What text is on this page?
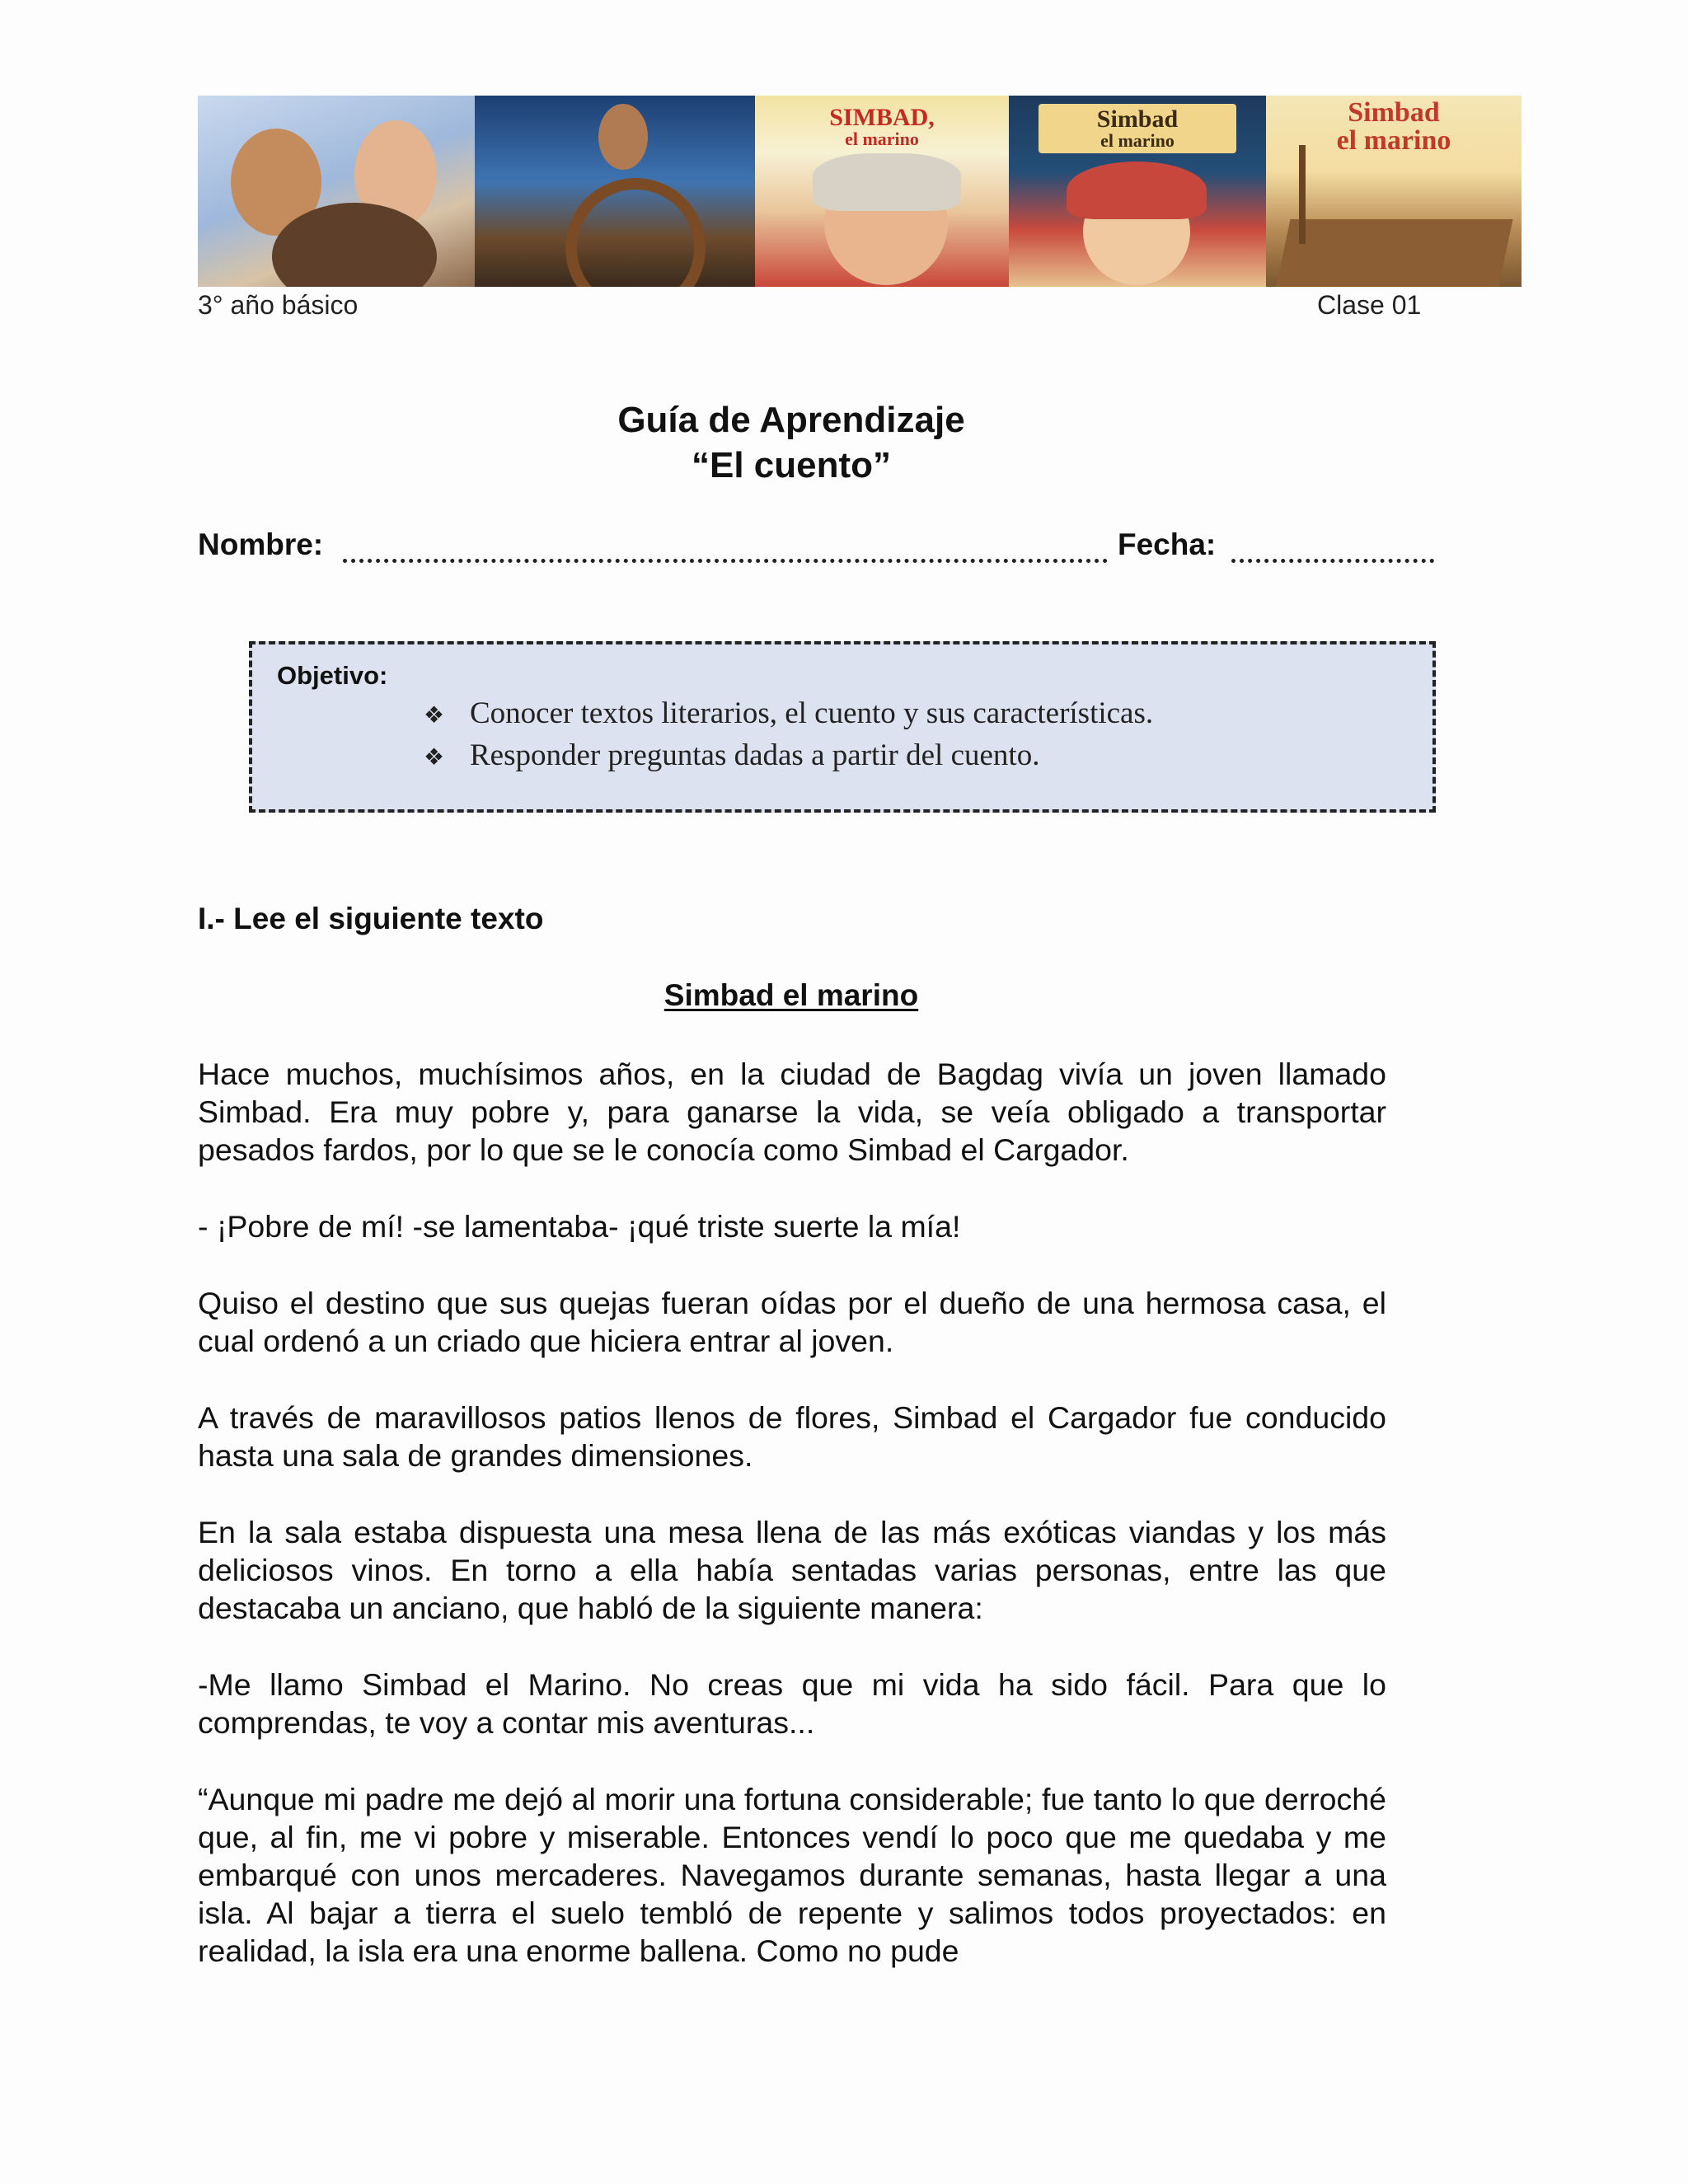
SIMBAD,
el marino
Simbad
el marino
Simbad
el marino
3° año básico	Clase 01
Guía de Aprendizaje
“El cuento”
Nombre:	Fecha:
Objetivo:
❖ Conocer textos literarios, el cuento y sus características.
❖ Responder preguntas dadas a partir del cuento.
I.- Lee el siguiente texto
Simbad el marino

Hace muchos, muchísimos años, en la ciudad de Bagdag vivía un joven llamado Simbad. Era muy pobre y, para ganarse la vida, se veía obligado a transportar pesados fardos, por lo que se le conocía como Simbad el Cargador.

- ¡Pobre de mí! -se lamentaba- ¡qué triste suerte la mía!

Quiso el destino que sus quejas fueran oídas por el dueño de una hermosa casa, el cual ordenó a un criado que hiciera entrar al joven.

A través de maravillosos patios llenos de flores, Simbad el Cargador fue conducido hasta una sala de grandes dimensiones.

En la sala estaba dispuesta una mesa llena de las más exóticas viandas y los más deliciosos vinos. En torno a ella había sentadas varias personas, entre las que destacaba un anciano, que habló de la siguiente manera:

-Me llamo Simbad el Marino. No creas que mi vida ha sido fácil. Para que lo comprendas, te voy a contar mis aventuras...

“Aunque mi padre me dejó al morir una fortuna considerable; fue tanto lo que derroché que, al fin, me vi pobre y miserable. Entonces vendí lo poco que me quedaba y me embarqué con unos mercaderes. Navegamos durante semanas, hasta llegar a una isla. Al bajar a tierra el suelo tembló de repente y salimos todos proyectados: en realidad, la isla era una enorme ballena. Como no pude
